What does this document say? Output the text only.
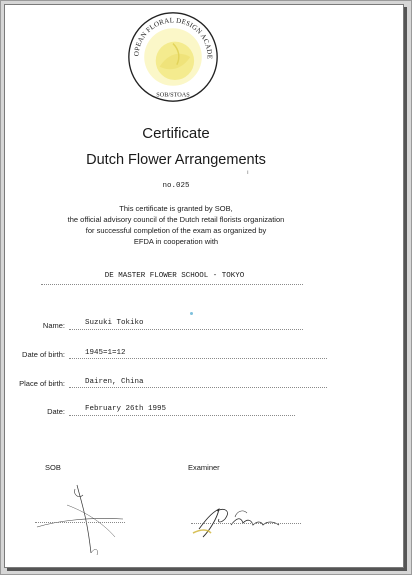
OPEAN FLORAL DESIGN ACADE
SOB/STOAS
Certificate
Dutch Flower Arrangements
ı
no.025
This certificate is granted by SOB,
the official advisory council of the Dutch retail florists organization
for successful completion of the exam as organized by
EFDA in cooperation with
DE MASTER FLOWER SCHOOL - TOKYO
Name:	Suzuki Tokiko
Date of birth:	1945=1=12
Place of birth:	Dairen, China
Date:	February 26th 1995
SOB	Examiner
